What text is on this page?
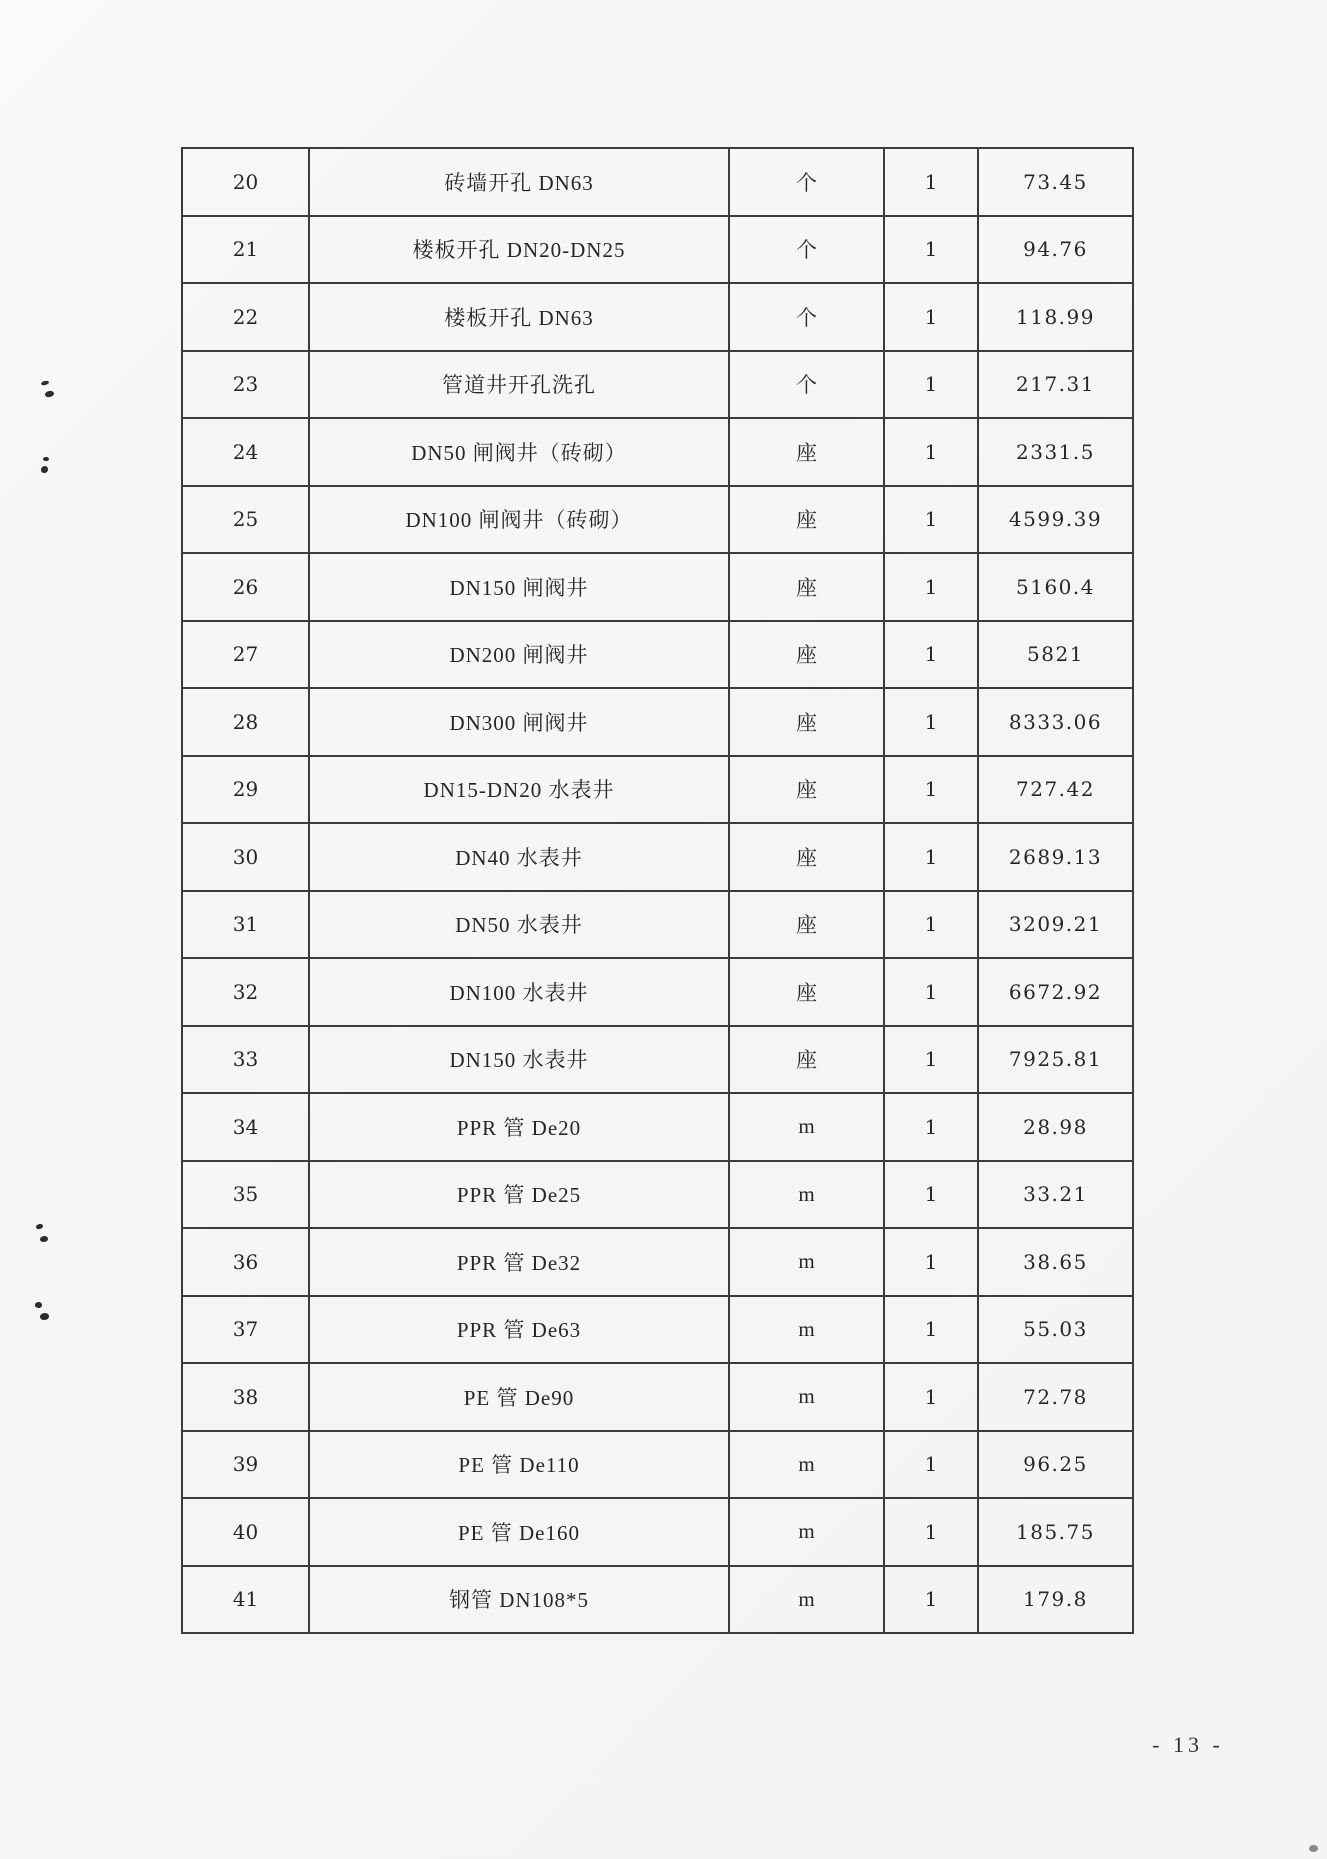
20	砖墙开孔 DN63	个	1	73.45
21	楼板开孔 DN20-DN25	个	1	94.76
22	楼板开孔 DN63	个	1	118.99
23	管道井开孔洗孔	个	1	217.31
24	DN50 闸阀井（砖砌）	座	1	2331.5
25	DN100 闸阀井（砖砌）	座	1	4599.39
26	DN150 闸阀井	座	1	5160.4
27	DN200 闸阀井	座	1	5821
28	DN300 闸阀井	座	1	8333.06
29	DN15-DN20 水表井	座	1	727.42
30	DN40 水表井	座	1	2689.13
31	DN50 水表井	座	1	3209.21
32	DN100 水表井	座	1	6672.92
33	DN150 水表井	座	1	7925.81
34	PPR 管 De20	m	1	28.98
35	PPR 管 De25	m	1	33.21
36	PPR 管 De32	m	1	38.65
37	PPR 管 De63	m	1	55.03
38	PE 管 De90	m	1	72.78
39	PE 管 De110	m	1	96.25
40	PE 管 De160	m	1	185.75
41	钢管 DN108*5	m	1	179.8
- 13 -
